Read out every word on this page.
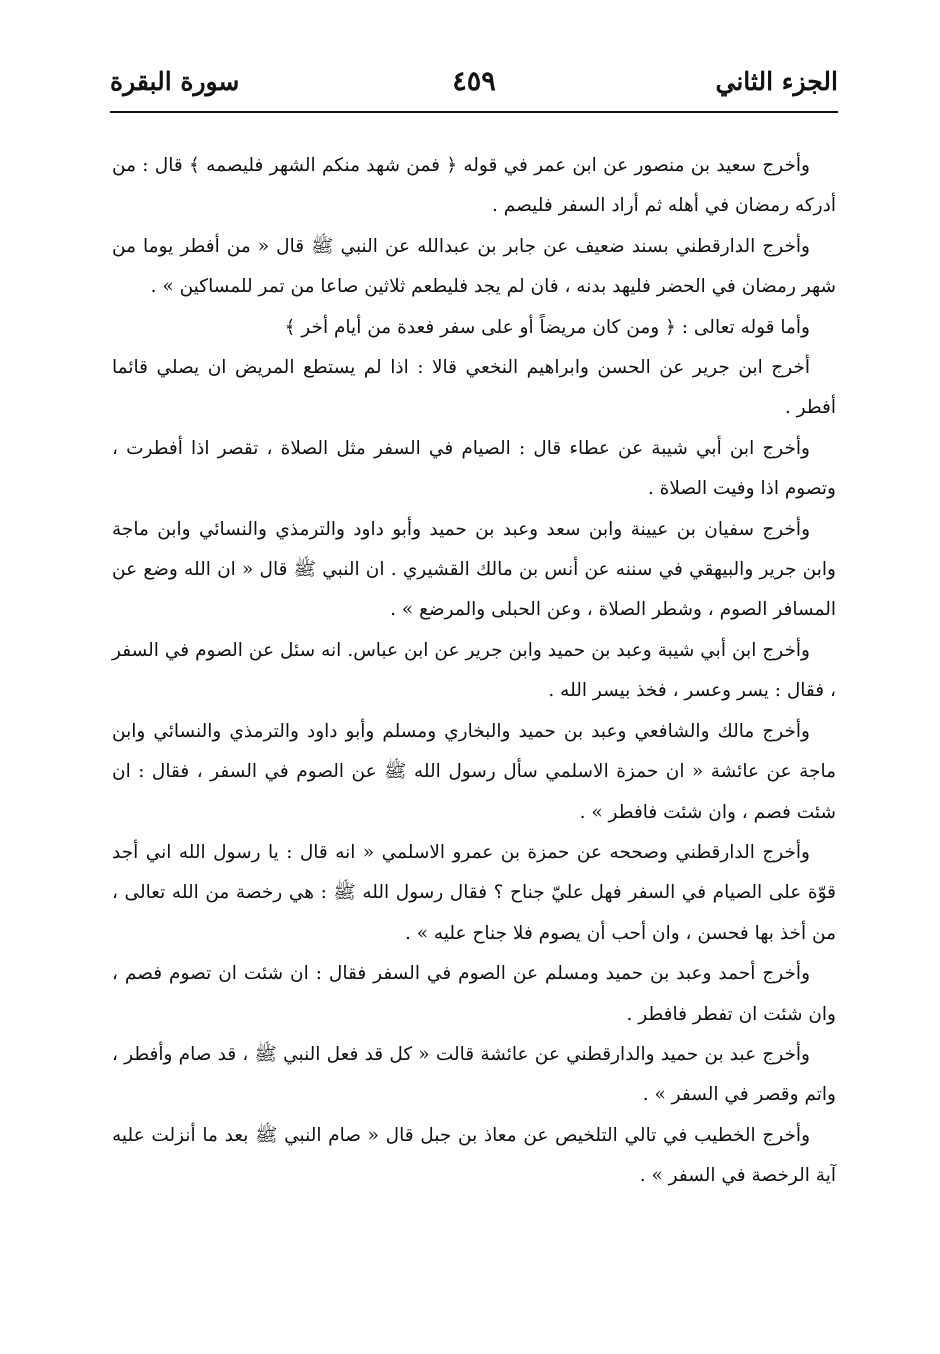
الجزء الثاني
٤٥٩
سورة البقرة

وأخرج سعيد بن منصور عن ابن عمر في قوله ﴿ فمن شهد منكم الشهر فليصمه ﴾ قال : من أدركه رمضان في أهله ثم أراد السفر فليصم .

وأخرج الدارقطني بسند ضعيف عن جابر بن عبدالله عن النبي ﷺ قال « من أفطر يوما من شهر رمضان في الحضر فليهد بدنه ، فان لم يجد فليطعم ثلاثين صاعا من تمر للمساكين » .

وأما قوله تعالى : ﴿ ومن كان مريضاً أو على سفر فعدة من أيام أخر ﴾

أخرج ابن جرير عن الحسن وابراهيم النخعي قالا : اذا لم يستطع المريض ان يصلي قائما أفطر .

وأخرج ابن أبي شيبة عن عطاء قال : الصيام في السفر مثل الصلاة ، تقصر اذا أفطرت ، وتصوم اذا وفيت الصلاة .

وأخرج سفيان بن عيينة وابن سعد وعبد بن حميد وأبو داود والترمذي والنسائي وابن ماجة وابن جرير والبيهقي في سننه عن أنس بن مالك القشيري . ان النبي ﷺ قال « ان الله وضع عن المسافر الصوم ، وشطر الصلاة ، وعن الحبلى والمرضع » .

وأخرج ابن أبي شيبة وعبد بن حميد وابن جرير عن ابن عباس. انه سئل عن الصوم في السفر ، فقال : يسر وعسر ، فخذ بيسر الله .

وأخرج مالك والشافعي وعبد بن حميد والبخاري ومسلم وأبو داود والترمذي والنسائي وابن ماجة عن عائشة « ان حمزة الاسلمي سأل رسول الله ﷺ عن الصوم في السفر ، فقال : ان شئت فصم ، وان شئت فافطر » .

وأخرج الدارقطني وصححه عن حمزة بن عمرو الاسلمي « انه قال : يا رسول الله اني أجد قوّة على الصيام في السفر فهل عليّ جناح ؟ فقال رسول الله ﷺ : هي رخصة من الله تعالى ، من أخذ بها فحسن ، وان أحب أن يصوم فلا جناح عليه » .

وأخرج أحمد وعبد بن حميد ومسلم عن الصوم في السفر فقال : ان شئت ان تصوم فصم ، وان شئت ان تفطر فافطر .

وأخرج عبد بن حميد والدارقطني عن عائشة قالت « كل قد فعل النبي ﷺ ، قد صام وأفطر ، واتم وقصر في السفر » .

وأخرج الخطيب في تالي التلخيص عن معاذ بن جبل قال « صام النبي ﷺ بعد ما أنزلت عليه آية الرخصة في السفر » .
